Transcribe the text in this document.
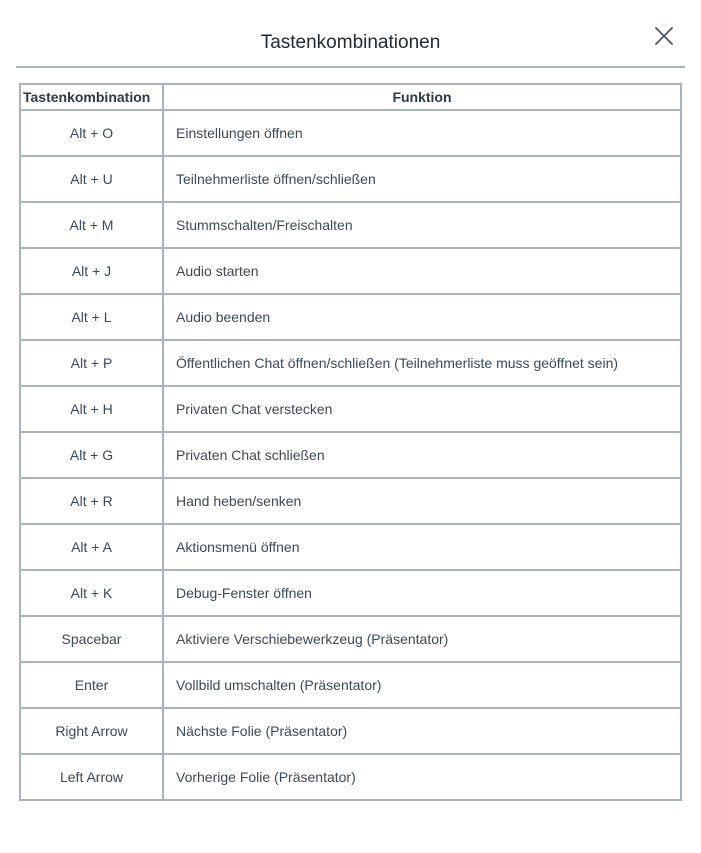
Tastenkombinationen
Tastenkombination	Funktion
Alt + O	Einstellungen öffnen
Alt + U	Teilnehmerliste öffnen/schließen
Alt + M	Stummschalten/Freischalten
Alt + J	Audio starten
Alt + L	Audio beenden
Alt + P	Öffentlichen Chat öffnen/schließen (Teilnehmerliste muss geöffnet sein)
Alt + H	Privaten Chat verstecken
Alt + G	Privaten Chat schließen
Alt + R	Hand heben/senken
Alt + A	Aktionsmenü öffnen
Alt + K	Debug-Fenster öffnen
Spacebar	Aktiviere Verschiebewerkzeug (Präsentator)
Enter	Vollbild umschalten (Präsentator)
Right Arrow	Nächste Folie (Präsentator)
Left Arrow	Vorherige Folie (Präsentator)
